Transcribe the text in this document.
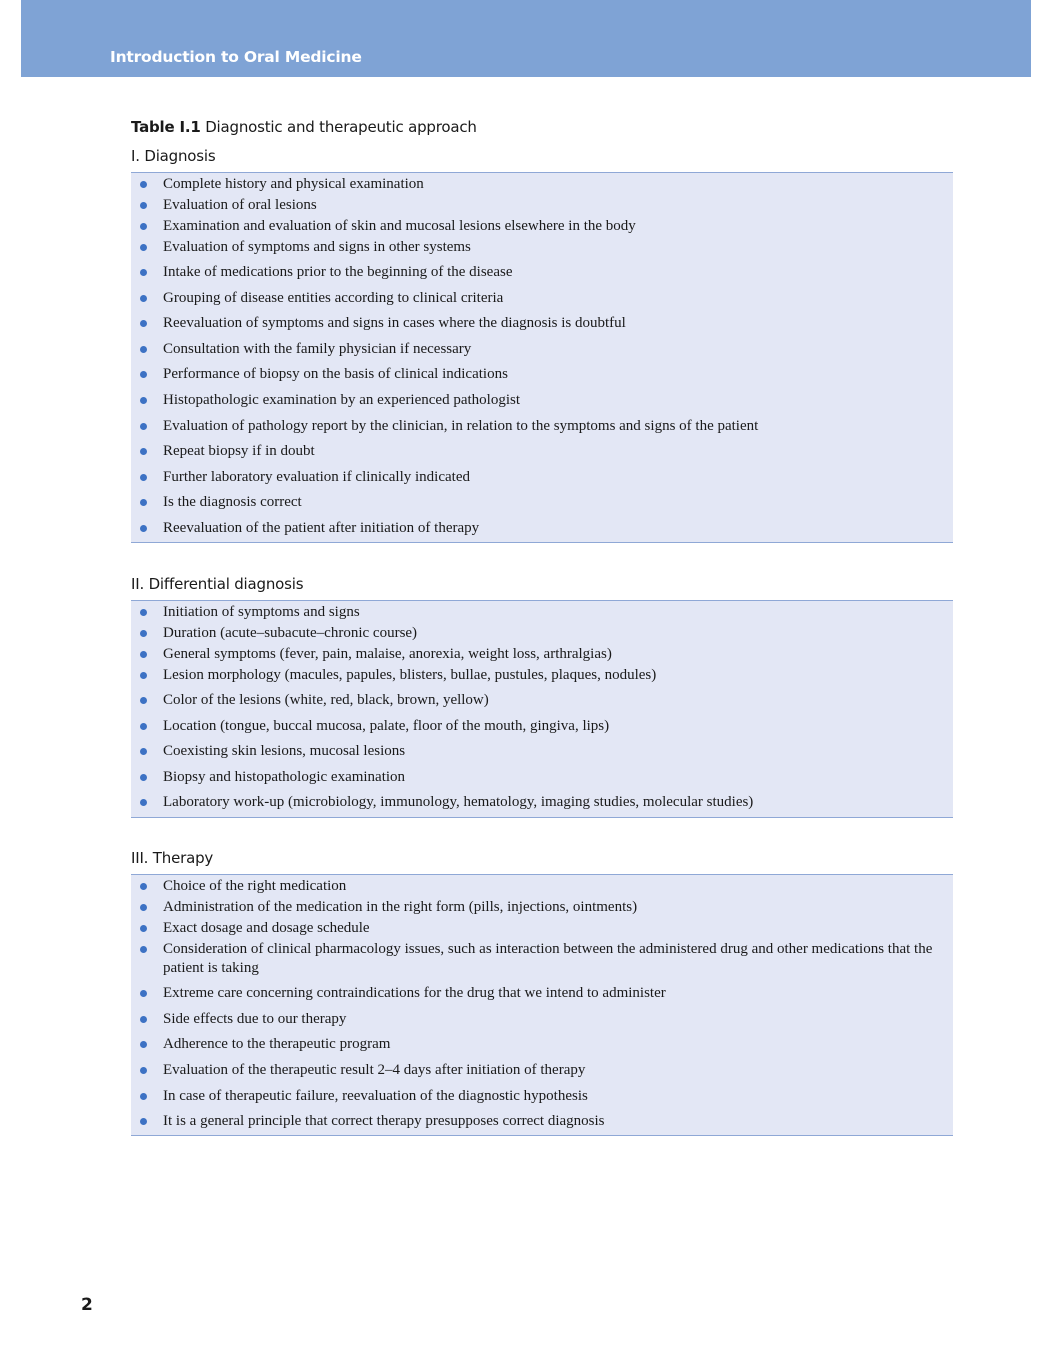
Introduction to Oral Medicine
Table I.1 Diagnostic and therapeutic approach
I. Diagnosis
Complete history and physical examination
Evaluation of oral lesions
Examination and evaluation of skin and mucosal lesions elsewhere in the body
Evaluation of symptoms and signs in other systems
Intake of medications prior to the beginning of the disease
Grouping of disease entities according to clinical criteria
Reevaluation of symptoms and signs in cases where the diagnosis is doubtful
Consultation with the family physician if necessary
Performance of biopsy on the basis of clinical indications
Histopathologic examination by an experienced pathologist
Evaluation of pathology report by the clinician, in relation to the symptoms and signs of the patient
Repeat biopsy if in doubt
Further laboratory evaluation if clinically indicated
Is the diagnosis correct
Reevaluation of the patient after initiation of therapy
II. Differential diagnosis
Initiation of symptoms and signs
Duration (acute–subacute–chronic course)
General symptoms (fever, pain, malaise, anorexia, weight loss, arthralgias)
Lesion morphology (macules, papules, blisters, bullae, pustules, plaques, nodules)
Color of the lesions (white, red, black, brown, yellow)
Location (tongue, buccal mucosa, palate, floor of the mouth, gingiva, lips)
Coexisting skin lesions, mucosal lesions
Biopsy and histopathologic examination
Laboratory work-up (microbiology, immunology, hematology, imaging studies, molecular studies)
III. Therapy
Choice of the right medication
Administration of the medication in the right form (pills, injections, ointments)
Exact dosage and dosage schedule
Consideration of clinical pharmacology issues, such as interaction between the administered drug and other medications that the patient is taking
Extreme care concerning contraindications for the drug that we intend to administer
Side effects due to our therapy
Adherence to the therapeutic program
Evaluation of the therapeutic result 2–4 days after initiation of therapy
In case of therapeutic failure, reevaluation of the diagnostic hypothesis
It is a general principle that correct therapy presupposes correct diagnosis
2
